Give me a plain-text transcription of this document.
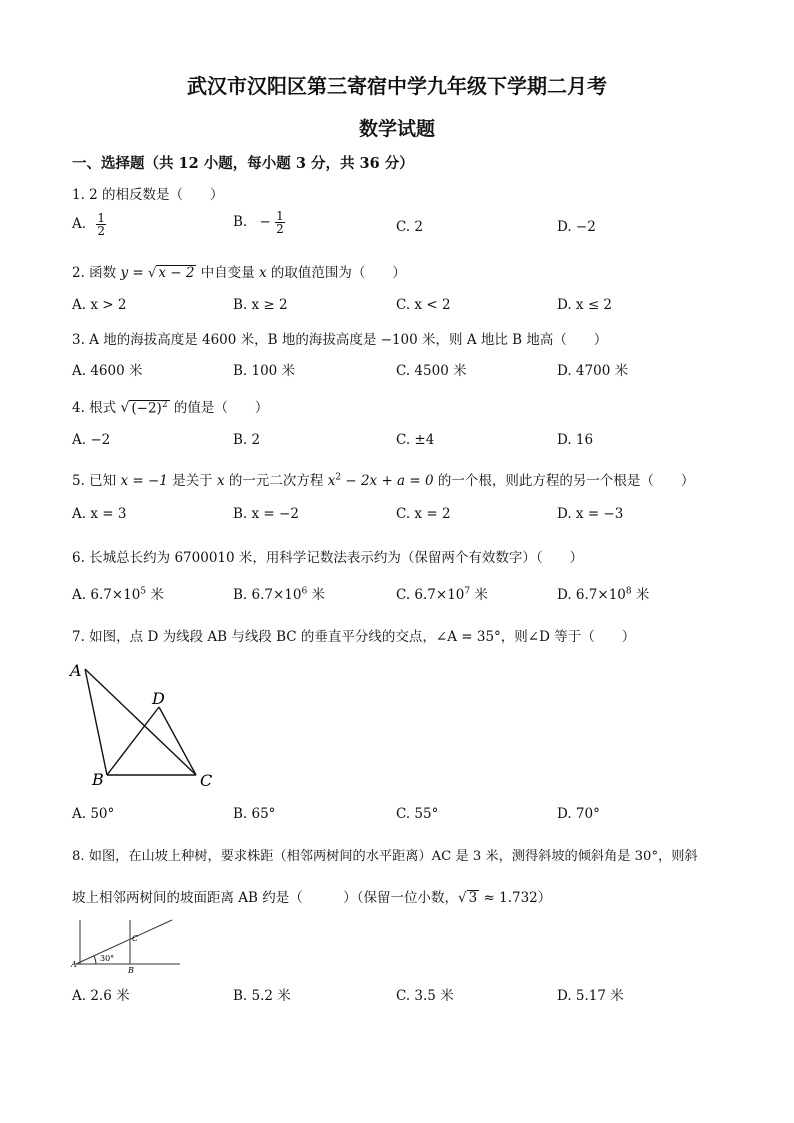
武汉市汉阳区第三寄宿中学九年级下学期二月考
数学试题
一、选择题（共 12 小题，每小题 3 分，共 36 分）
1. 2 的相反数是（　　）
A. $\frac{1}{2}$	B. − $\frac{1}{2}$	C. 2	D. −2
2. 函数 y = √ x − 2 中自变量 x 的取值范围为（　　）
A. x > 2	B. x ≥ 2	C. x < 2	D. x ≤ 2
3. A 地的海拔高度是 4600 米，B 地的海拔高度是 −100 米，则 A 地比 B 地高（　　）
A. 4600 米	B. 100 米	C. 4500 米	D. 4700 米
4. 根式 √ $(-2)^2$ 的值是（　　）
A. −2	B. 2	C. ±4	D. 16
5. 已知 x = −1 是关于 x 的一元二次方程 $x^2 - 2x + a = 0$ 的一个根，则此方程的另一个根是（　　）
A. x = 3	B. x = −2	C. x = 2	D. x = −3
6. 长城总长约为 6700010 米，用科学记数法表示约为（保留两个有效数字）（　　）
A. $6.7\times 10^5$ 米	B. $6.7\times 10^6$ 米	C. $6.7\times 10^7$ 米	D. $6.7\times 10^8$ 米
7. 如图，点 D 为线段 AB 与线段 BC 的垂直平分线的交点，∠A = 35°，则∠D 等于（　　）
A
B	C
D
A. 50°	B. 65°	C. 55°	D. 70°
8. 如图，在山坡上种树，要求株距（相邻两树间的水平距离）AC 是 3 米，测得斜坡的倾斜角是 30°，则斜
坡上相邻两树间的坡面距离 AB 约是（　　　）（保留一位小数，√ 3 ≈ 1.732）
A
B
C
30°
A. 2.6 米	B. 5.2 米	C. 3.5 米	D. 5.17 米
